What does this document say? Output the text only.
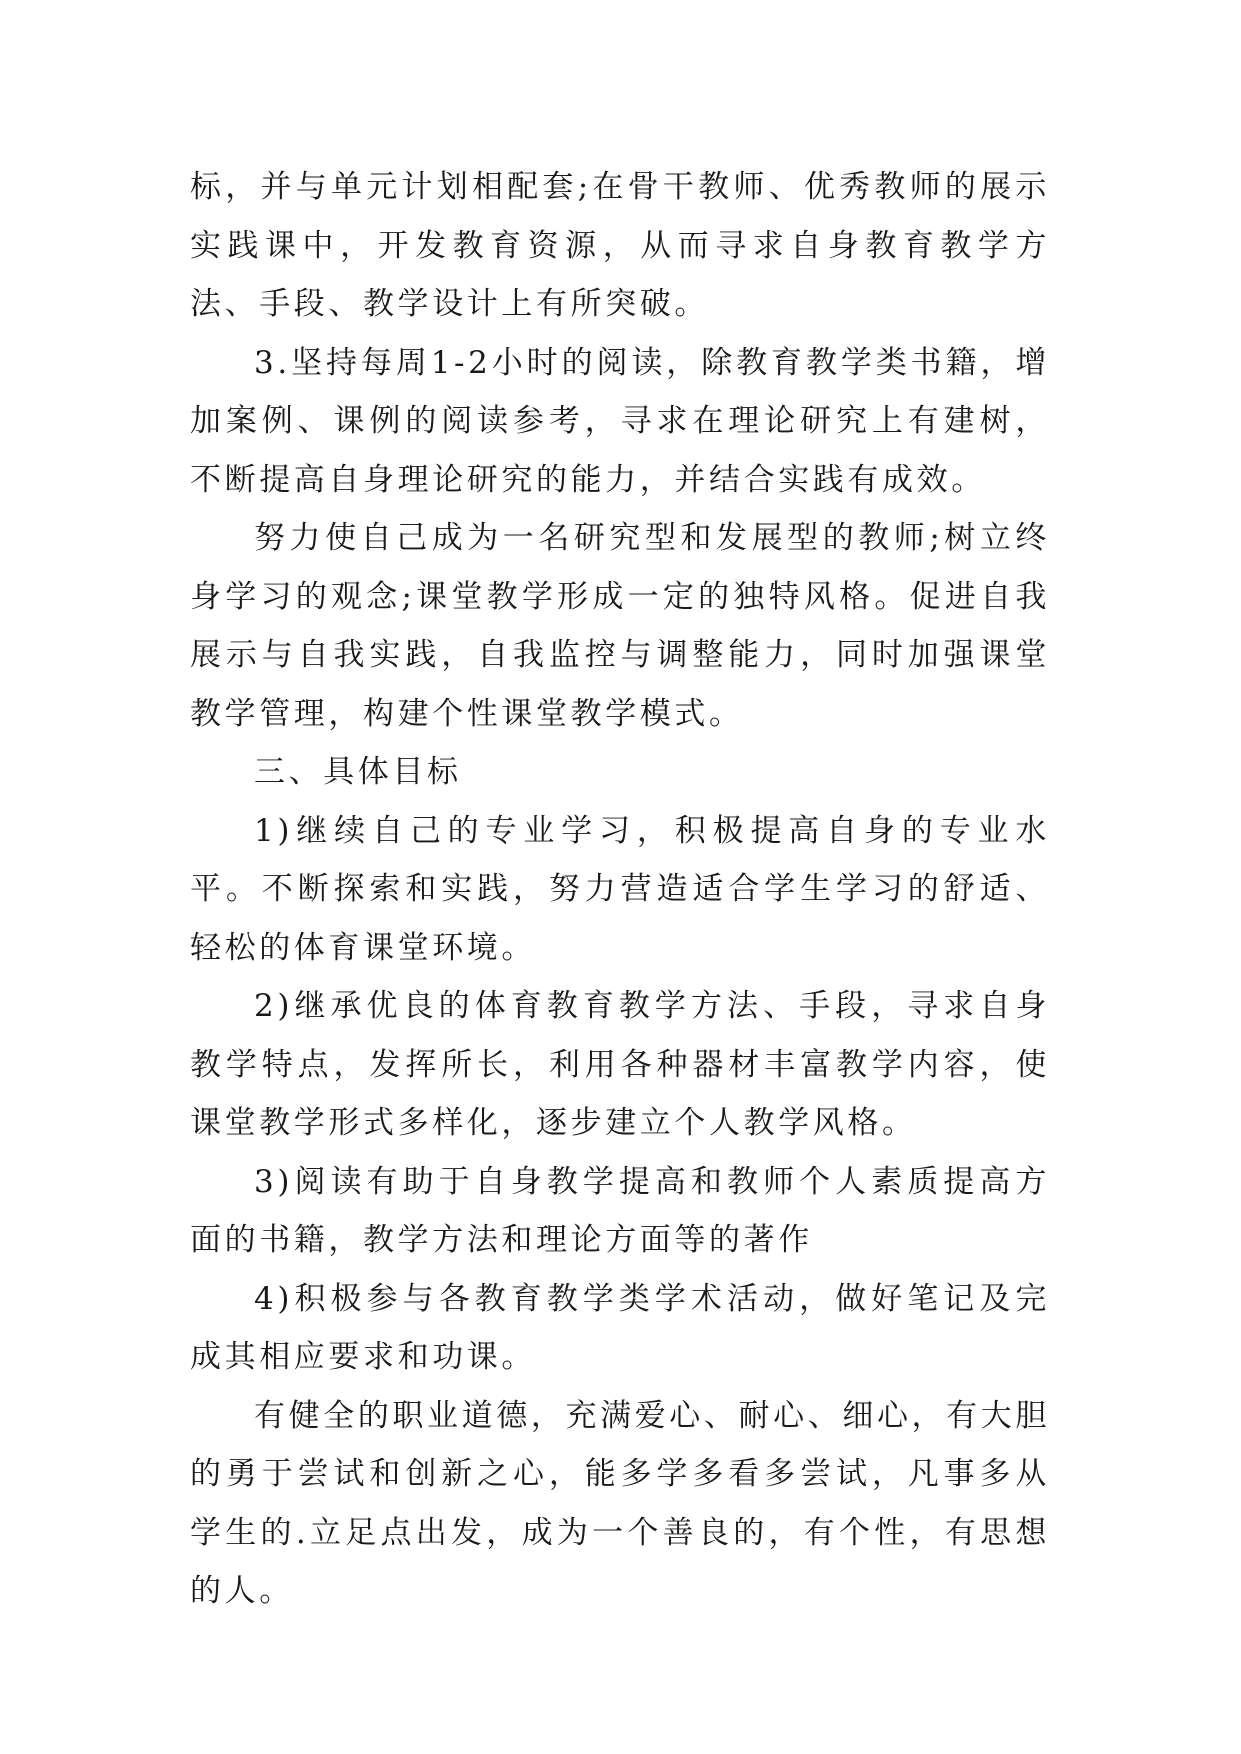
标，并与单元计划相配套;在骨干教师、优秀教师的展示实践课中，开发教育资源，从而寻求自身教育教学方法、手段、教学设计上有所突破。

3.坚持每周1-2小时的阅读，除教育教学类书籍，增加案例、课例的阅读参考，寻求在理论研究上有建树，不断提高自身理论研究的能力，并结合实践有成效。

努力使自己成为一名研究型和发展型的教师;树立终身学习的观念;课堂教学形成一定的独特风格。促进自我展示与自我实践，自我监控与调整能力，同时加强课堂教学管理，构建个性课堂教学模式。

三、具体目标

1)继续自己的专业学习，积极提高自身的专业水平。不断探索和实践，努力营造适合学生学习的舒适、轻松的体育课堂环境。

2)继承优良的体育教育教学方法、手段，寻求自身教学特点，发挥所长，利用各种器材丰富教学内容，使课堂教学形式多样化，逐步建立个人教学风格。

3)阅读有助于自身教学提高和教师个人素质提高方面的书籍，教学方法和理论方面等的著作

4)积极参与各教育教学类学术活动，做好笔记及完成其相应要求和功课。

有健全的职业道德，充满爱心、耐心、细心，有大胆的勇于尝试和创新之心，能多学多看多尝试，凡事多从学生的.立足点出发，成为一个善良的，有个性，有思想的人。
